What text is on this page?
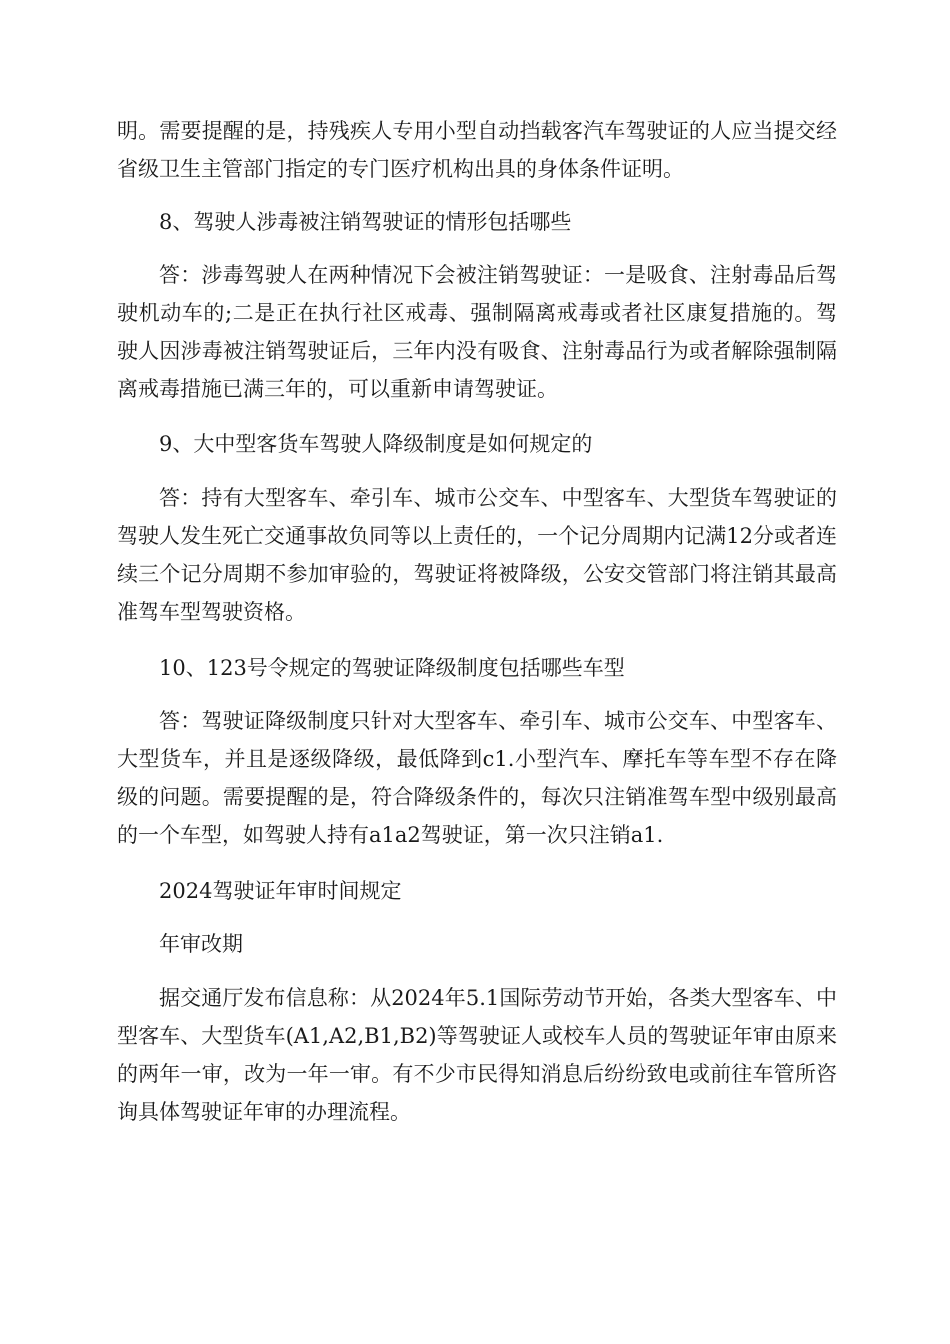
明。需要提醒的是，持残疾人专用小型自动挡载客汽车驾驶证的人应当提交经省级卫生主管部门指定的专门医疗机构出具的身体条件证明。

8、驾驶人涉毒被注销驾驶证的情形包括哪些

答：涉毒驾驶人在两种情况下会被注销驾驶证：一是吸食、注射毒品后驾驶机动车的;二是正在执行社区戒毒、强制隔离戒毒或者社区康复措施的。驾驶人因涉毒被注销驾驶证后，三年内没有吸食、注射毒品行为或者解除强制隔离戒毒措施已满三年的，可以重新申请驾驶证。

9、大中型客货车驾驶人降级制度是如何规定的

答：持有大型客车、牵引车、城市公交车、中型客车、大型货车驾驶证的驾驶人发生死亡交通事故负同等以上责任的，一个记分周期内记满12分或者连续三个记分周期不参加审验的，驾驶证将被降级，公安交管部门将注销其最高准驾车型驾驶资格。

10、123号令规定的驾驶证降级制度包括哪些车型

答：驾驶证降级制度只针对大型客车、牵引车、城市公交车、中型客车、大型货车，并且是逐级降级，最低降到c1.小型汽车、摩托车等车型不存在降级的问题。需要提醒的是，符合降级条件的，每次只注销准驾车型中级别最高的一个车型，如驾驶人持有a1a2驾驶证，第一次只注销a1.

2024驾驶证年审时间规定

年审改期

据交通厅发布信息称：从2024年5.1国际劳动节开始，各类大型客车、中型客车、大型货车(A1,A2,B1,B2)等驾驶证人或校车人员的驾驶证年审由原来的两年一审，改为一年一审。有不少市民得知消息后纷纷致电或前往车管所咨询具体驾驶证年审的办理流程。
